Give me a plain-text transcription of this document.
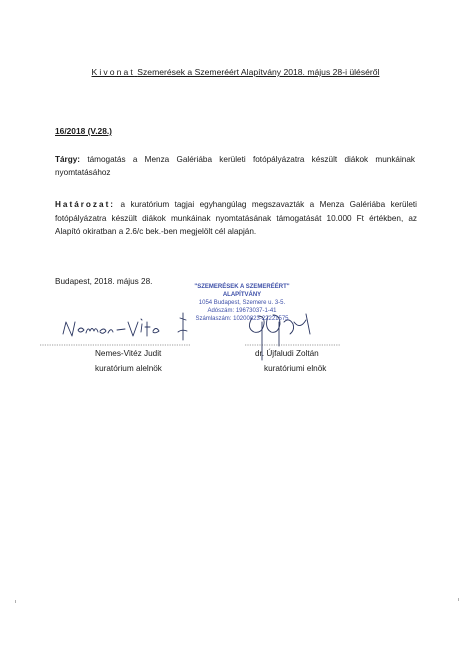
Kivonat Szemerések a Szemeréért Alapítvány 2018. május 28-i üléséről
16/2018 (V.28.)
Tárgy: támogatás a Menza Galériába kerületi fotópályázatra készült diákok munkáinak nyomtatásához
Határozat: a kuratórium tagjai egyhangúlag megszavazták a Menza Galériába kerületi fotópályázatra készült diákok munkáinak nyomtatásának támogatását 10.000 Ft értékben, az Alapító okiratban a 2.6/c bek.-ben megjelölt cél alapján.
Budapest, 2018. május 28.
"SZEMERÉSEK A SZEMERÉÉRT"
ALAPÍTVÁNY
1054 Budapest, Szemere u. 3-5.
Adószám: 19673037-1-41
Számlaszám: 10200823-22221575
Nemes-Vitéz Judit
kuratórium alelnök
dr. Újfaludi Zoltán
kuratóriumi elnök
